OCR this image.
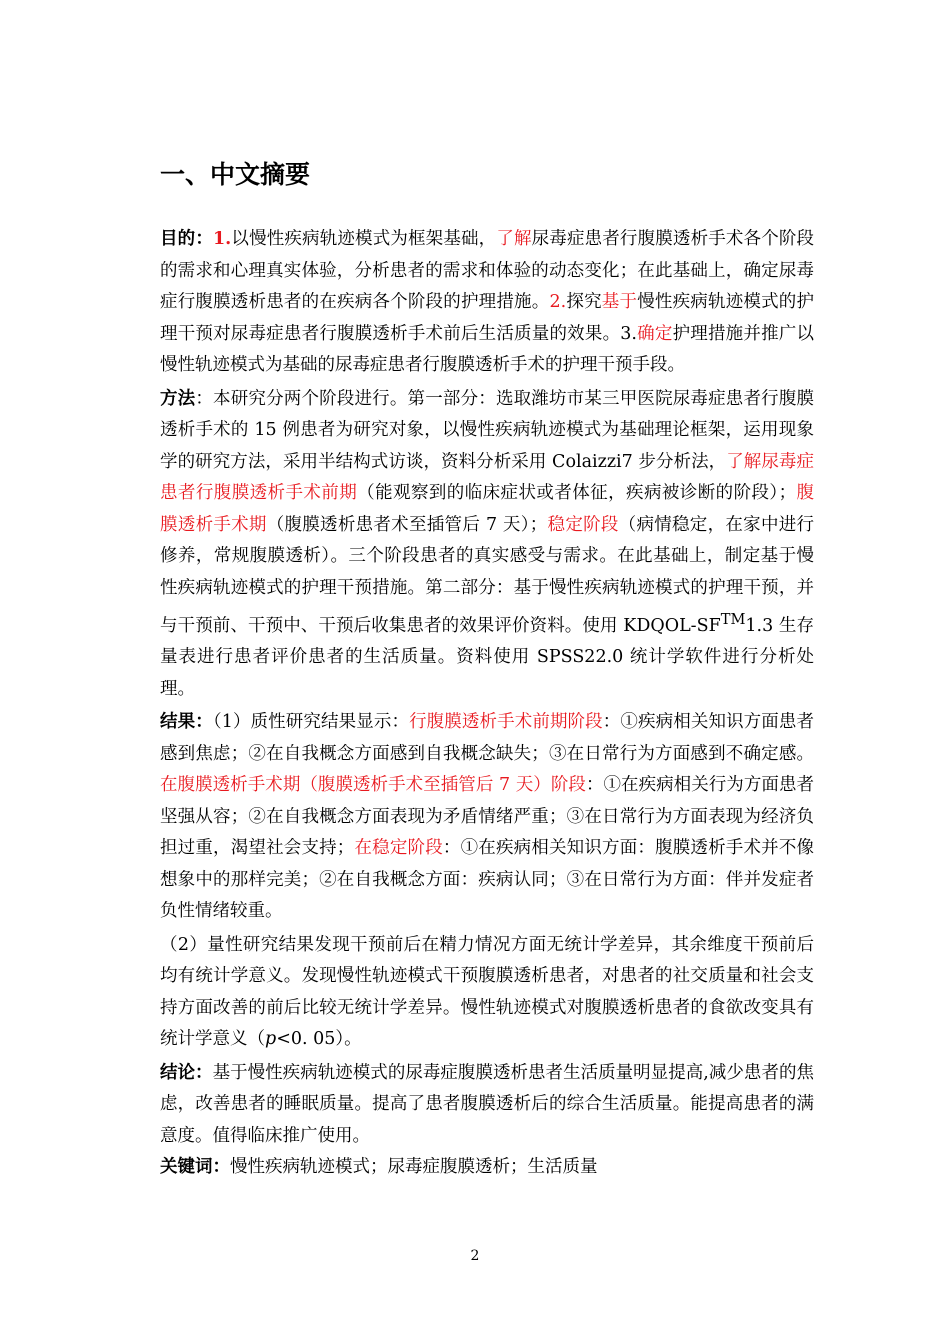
一、中文摘要

目的：1.以慢性疾病轨迹模式为框架基础，了解尿毒症患者行腹膜透析手术各个阶段的需求和心理真实体验，分析患者的需求和体验的动态变化；在此基础上，确定尿毒症行腹膜透析患者的在疾病各个阶段的护理措施。2.探究基于慢性疾病轨迹模式的护理干预对尿毒症患者行腹膜透析手术前后生活质量的效果。3.确定护理措施并推广以慢性轨迹模式为基础的尿毒症患者行腹膜透析手术的护理干预手段。

方法：本研究分两个阶段进行。第一部分：选取潍坊市某三甲医院尿毒症患者行腹膜透析手术的 15 例患者为研究对象，以慢性疾病轨迹模式为基础理论框架，运用现象学的研究方法，采用半结构式访谈，资料分析采用 Colaizzi7 步分析法，了解尿毒症患者行腹膜透析手术前期（能观察到的临床症状或者体征，疾病被诊断的阶段）；腹膜透析手术期（腹膜透析患者术至插管后 7 天）；稳定阶段（病情稳定，在家中进行修养，常规腹膜透析）。三个阶段患者的真实感受与需求。在此基础上，制定基于慢性疾病轨迹模式的护理干预措施。第二部分：基于慢性疾病轨迹模式的护理干预，并与干预前、干预中、干预后收集患者的效果评价资料。使用 KDQOL-SF™1.3 生存量表进行患者评价患者的生活质量。资料使用 SPSS22.0 统计学软件进行分析处理。

结果：（1）质性研究结果显示：行腹膜透析手术前期阶段：①疾病相关知识方面患者感到焦虑；②在自我概念方面感到自我概念缺失；③在日常行为方面感到不确定感。在腹膜透析手术期（腹膜透析手术至插管后 7 天）阶段：①在疾病相关行为方面患者坚强从容；②在自我概念方面表现为矛盾情绪严重；③在日常行为方面表现为经济负担过重，渴望社会支持；在稳定阶段：①在疾病相关知识方面：腹膜透析手术并不像想象中的那样完美；②在自我概念方面：疾病认同；③在日常行为方面：伴并发症者负性情绪较重。

（2）量性研究结果发现干预前后在精力情况方面无统计学差异，其余维度干预前后均有统计学意义。发现慢性轨迹模式干预腹膜透析患者，对患者的社交质量和社会支持方面改善的前后比较无统计学差异。慢性轨迹模式对腹膜透析患者的食欲改变具有统计学意义（p<0. 05）。

结论：基于慢性疾病轨迹模式的尿毒症腹膜透析患者生活质量明显提高,减少患者的焦虑，改善患者的睡眠质量。提高了患者腹膜透析后的综合生活质量。能提高患者的满意度。值得临床推广使用。

关键词：慢性疾病轨迹模式；尿毒症腹膜透析；生活质量

2
